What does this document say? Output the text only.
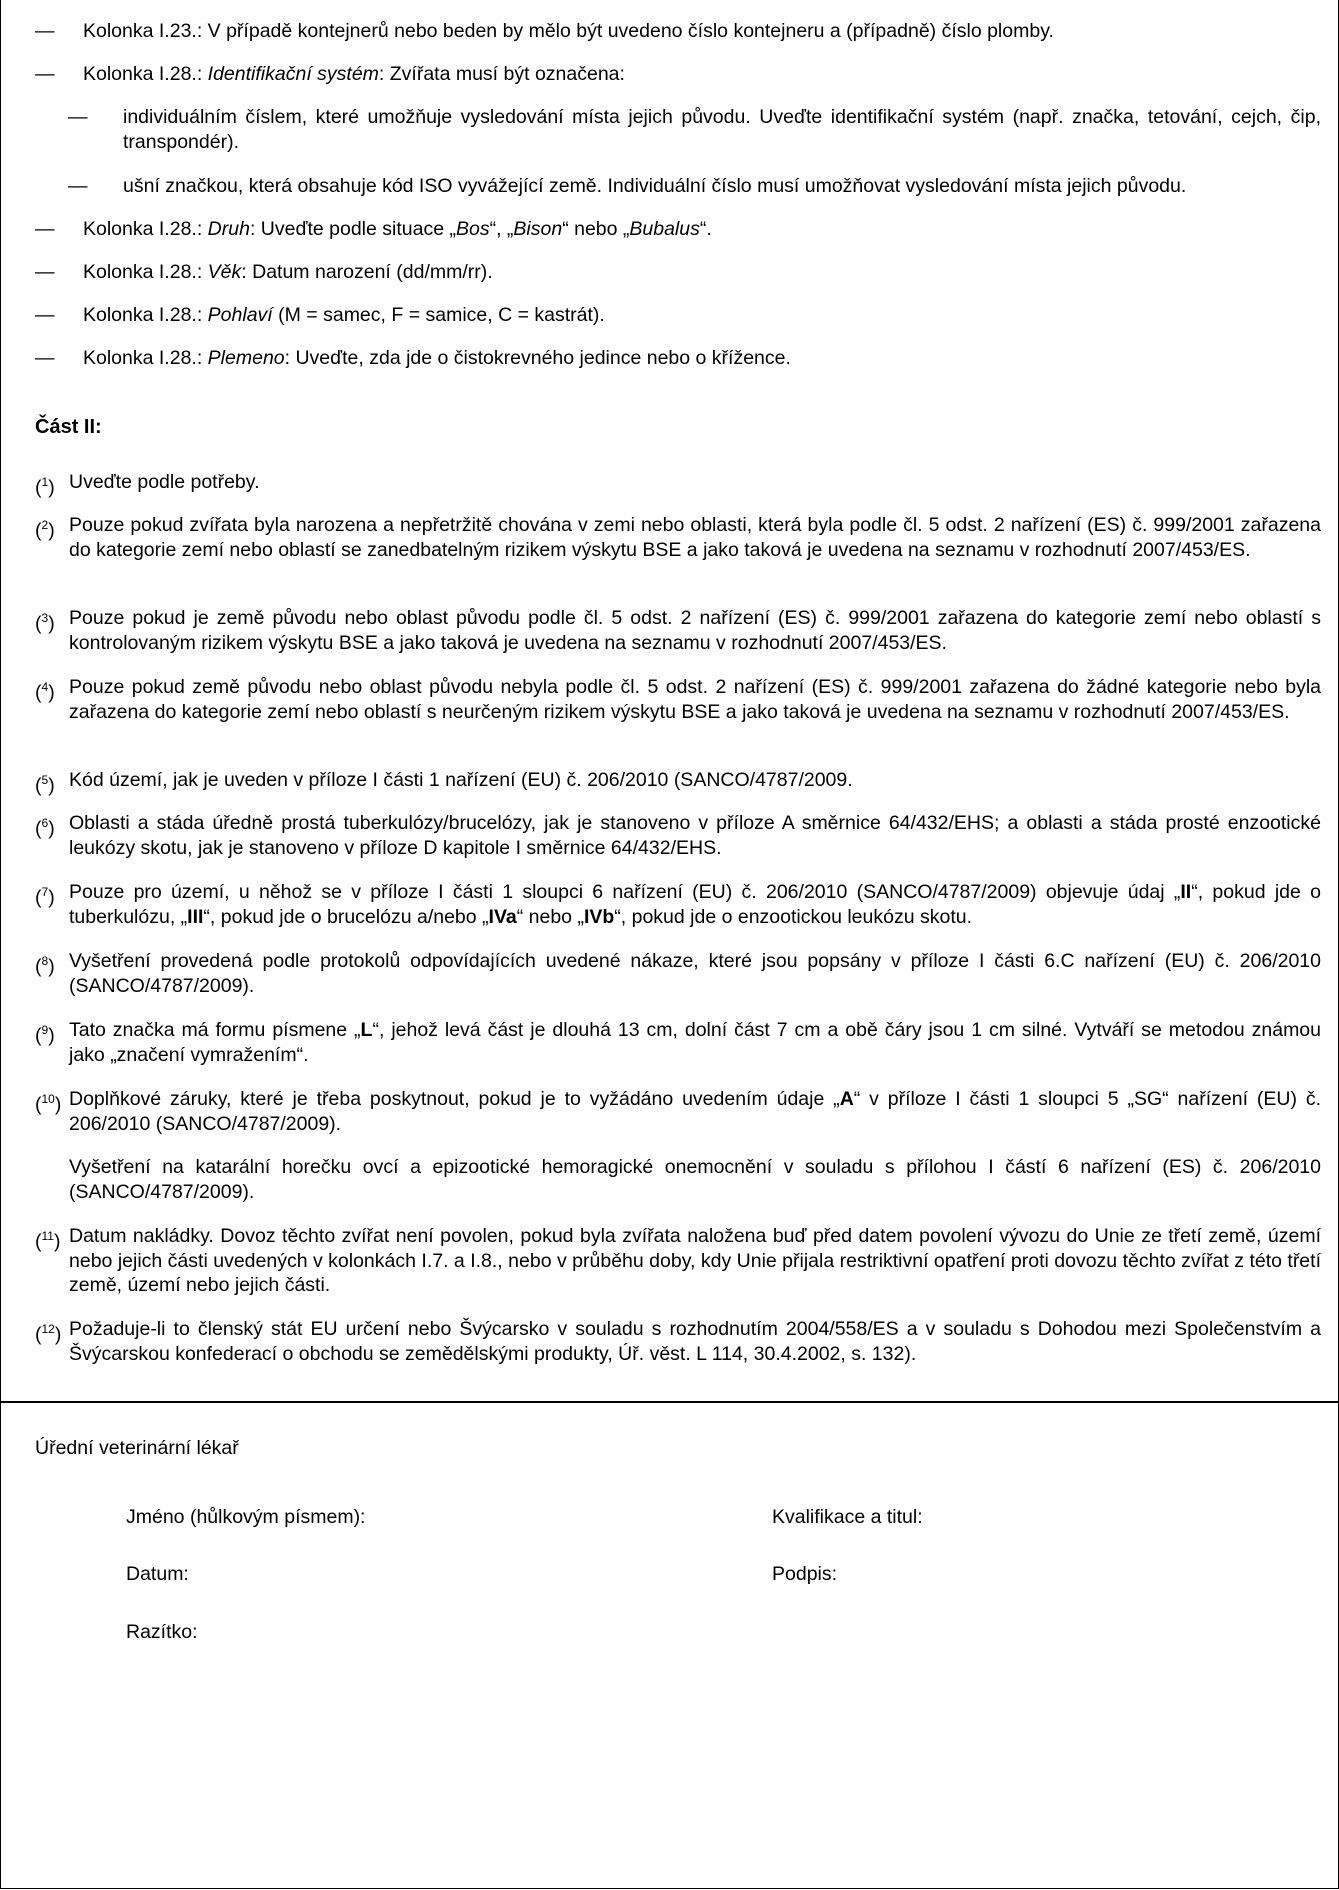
— Kolonka I.23.: V případě kontejnerů nebo beden by mělo být uvedeno číslo kontejneru a (případně) číslo plomby.
— Kolonka I.28.: Identifikační systém: Zvířata musí být označena:
— individuálním číslem, které umožňuje vysledování místa jejich původu. Uveďte identifikační systém (např. značka, tetování, cejch, čip, transpondér).
— ušní značkou, která obsahuje kód ISO vyvážející země. Individuální číslo musí umožňovat vysledování místa jejich původu.
— Kolonka I.28.: Druh: Uveďte podle situace „Bos“, „Bison“ nebo „Bubalus“.
— Kolonka I.28.: Věk: Datum narození (dd/mm/rr).
— Kolonka I.28.: Pohlaví (M = samec, F = samice, C = kastrát).
— Kolonka I.28.: Plemeno: Uveďte, zda jde o čistokrevného jedince nebo o křížence.
Část II:
($^1$) Uveďte podle potřeby.
($^2$) Pouze pokud zvířata byla narozena a nepřetržitě chována v zemi nebo oblasti, která byla podle čl. 5 odst. 2 nařízení (ES) č. 999/2001 zařazena do kategorie zemí nebo oblastí se zanedbatelným rizikem výskytu BSE a jako taková je uvedena na seznamu v rozhodnutí 2007/453/ES.
($^3$) Pouze pokud je země původu nebo oblast původu podle čl. 5 odst. 2 nařízení (ES) č. 999/2001 zařazena do kategorie zemí nebo oblastí s kontrolovaným rizikem výskytu BSE a jako taková je uvedena na seznamu v rozhodnutí 2007/453/ES.
($^4$) Pouze pokud země původu nebo oblast původu nebyla podle čl. 5 odst. 2 nařízení (ES) č. 999/2001 zařazena do žádné kategorie nebo byla zařazena do kategorie zemí nebo oblastí s neurčeným rizikem výskytu BSE a jako taková je uvedena na seznamu v rozhodnutí 2007/453/ES.
($^5$) Kód území, jak je uveden v příloze I části 1 nařízení (EU) č. 206/2010 (SANCO/4787/2009.
($^6$) Oblasti a stáda úředně prostá tuberkulózy/brucelózy, jak je stanoveno v příloze A směrnice 64/432/EHS; a oblasti a stáda prosté enzootické leukózy skotu, jak je stanoveno v příloze D kapitole I směrnice 64/432/EHS.
($^7$) Pouze pro území, u něhož se v příloze I části 1 sloupci 6 nařízení (EU) č. 206/2010 (SANCO/4787/2009) objevuje údaj „II“, pokud jde o tuberkulózu, „III“, pokud jde o brucelózu a/nebo „IVa“ nebo „IVb“, pokud jde o enzootickou leukózu skotu.
($^8$) Vyšetření provedená podle protokolů odpovídajících uvedené nákaze, které jsou popsány v příloze I části 6.C nařízení (EU) č. 206/2010 (SANCO/4787/2009).
($^9$) Tato značka má formu písmene „L“, jehož levá část je dlouhá 13 cm, dolní část 7 cm a obě čáry jsou 1 cm silné. Vytváří se metodou známou jako „značení vymražením“.
($^{10}$) Doplňkové záruky, které je třeba poskytnout, pokud je to vyžádáno uvedením údaje „A“ v příloze I části 1 sloupci 5 „SG“ nařízení (EU) č. 206/2010 (SANCO/4787/2009).

Vyšetření na katarální horečku ovcí a epizootické hemoragické onemocnění v souladu s přílohou I částí 6 nařízení (ES) č. 206/2010 (SANCO/4787/2009).

($^{11}$) Datum nakládky. Dovoz těchto zvířat není povolen, pokud byla zvířata naložena buď před datem povolení vývozu do Unie ze třetí země, území nebo jejich části uvedených v kolonkách I.7. a I.8., nebo v průběhu doby, kdy Unie přijala restriktivní opatření proti dovozu těchto zvířat z této třetí země, území nebo jejich části.
($^{12}$) Požaduje-li to členský stát EU určení nebo Švýcarsko v souladu s rozhodnutím 2004/558/ES a v souladu s Dohodou mezi Společenstvím a Švýcarskou konfederací o obchodu se zemědělskými produkty, Úř. věst. L 114, 30.4.2002, s. 132).
Úřední veterinární lékař
Jméno (hůlkovým písmem):	Kvalifikace a titul:
Datum:	Podpis:
Razítko:
